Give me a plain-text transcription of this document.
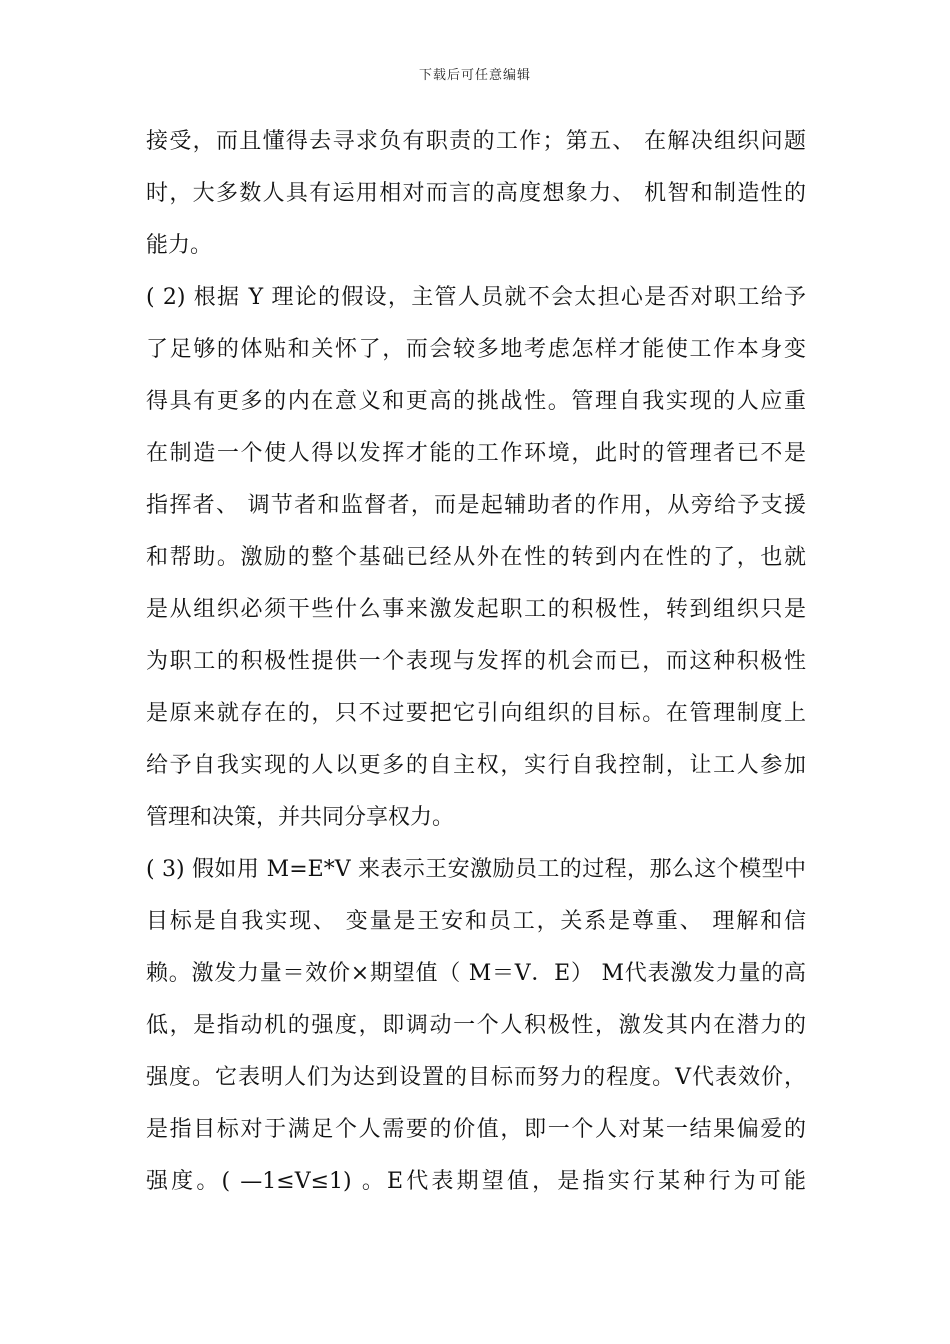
下载后可任意编辑
接受，而且懂得去寻求负有职责的工作；第五、 在解决组织问题
时，大多数人具有运用相对而言的高度想象力、 机智和制造性的
能力。
( 2) 根据 Y 理论的假设，主管人员就不会太担心是否对职工给予
了足够的体贴和关怀了，而会较多地考虑怎样才能使工作本身变
得具有更多的内在意义和更高的挑战性。管理自我实现的人应重
在制造一个使人得以发挥才能的工作环境，此时的管理者已不是
指挥者、 调节者和监督者，而是起辅助者的作用，从旁给予支援
和帮助。激励的整个基础已经从外在性的转到内在性的了，也就
是从组织必须干些什么事来激发起职工的积极性，转到组织只是
为职工的积极性提供一个表现与发挥的机会而已，而这种积极性
是原来就存在的，只不过要把它引向组织的目标。在管理制度上
给予自我实现的人以更多的自主权，实行自我控制，让工人参加
管理和决策，并共同分享权力。
( 3) 假如用 M=E*V 来表示王安激励员工的过程，那么这个模型中
目标是自我实现、 变量是王安和员工，关系是尊重、 理解和信
赖。激发力量＝效价×期望值（ M＝V．E） M代表激发力量的高
低，是指动机的强度，即调动一个人积极性，激发其内在潜力的
强度。它表明人们为达到设置的目标而努力的程度。V代表效价，
是指目标对于满足个人需要的价值，即一个人对某一结果偏爱的
强度。( —1≤V≤1) 。E代表期望值，是指实行某种行为可能
